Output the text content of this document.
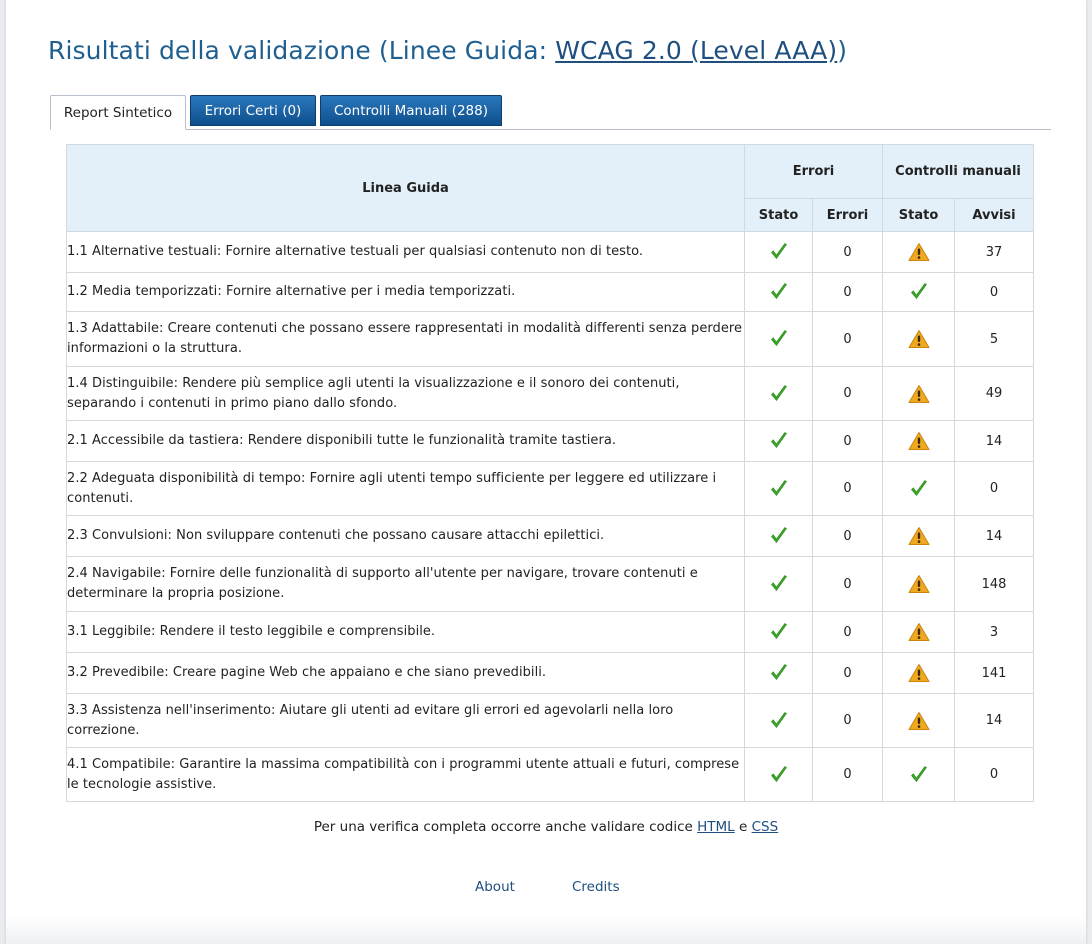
Risultati della validazione (Linee Guida: WCAG 2.0 (Level AAA))
Report Sintetico	Errori Certi (0)	Controlli Manuali (288)
Linea Guida	Errori		Controlli manuali	
	Stato	Errori	Stato	Avvisi
1.1 Alternative testuali: Fornire alternative testuali per qualsiasi contenuto non di testo.		0		37
1.2 Media temporizzati: Fornire alternative per i media temporizzati.		0		0
1.3 Adattabile: Creare contenuti che possano essere rappresentati in modalità differenti senza perdere informazioni o la struttura.		0		5
1.4 Distinguibile: Rendere più semplice agli utenti la visualizzazione e il sonoro dei contenuti, separando i contenuti in primo piano dallo sfondo.		0		49
2.1 Accessibile da tastiera: Rendere disponibili tutte le funzionalità tramite tastiera.		0		14
2.2 Adeguata disponibilità di tempo: Fornire agli utenti tempo sufficiente per leggere ed utilizzare i contenuti.		0		0
2.3 Convulsioni: Non sviluppare contenuti che possano causare attacchi epilettici.		0		14
2.4 Navigabile: Fornire delle funzionalità di supporto all'utente per navigare, trovare contenuti e determinare la propria posizione.		0		148
3.1 Leggibile: Rendere il testo leggibile e comprensibile.		0		3
3.2 Prevedibile: Creare pagine Web che appaiano e che siano prevedibili.		0		141
3.3 Assistenza nell'inserimento: Aiutare gli utenti ad evitare gli errori ed agevolarli nella loro correzione.		0		14
4.1 Compatibile: Garantire la massima compatibilità con i programmi utente attuali e futuri, comprese le tecnologie assistive.		0		0
Per una verifica completa occorre anche validare codice HTML e CSS
About	Credits
